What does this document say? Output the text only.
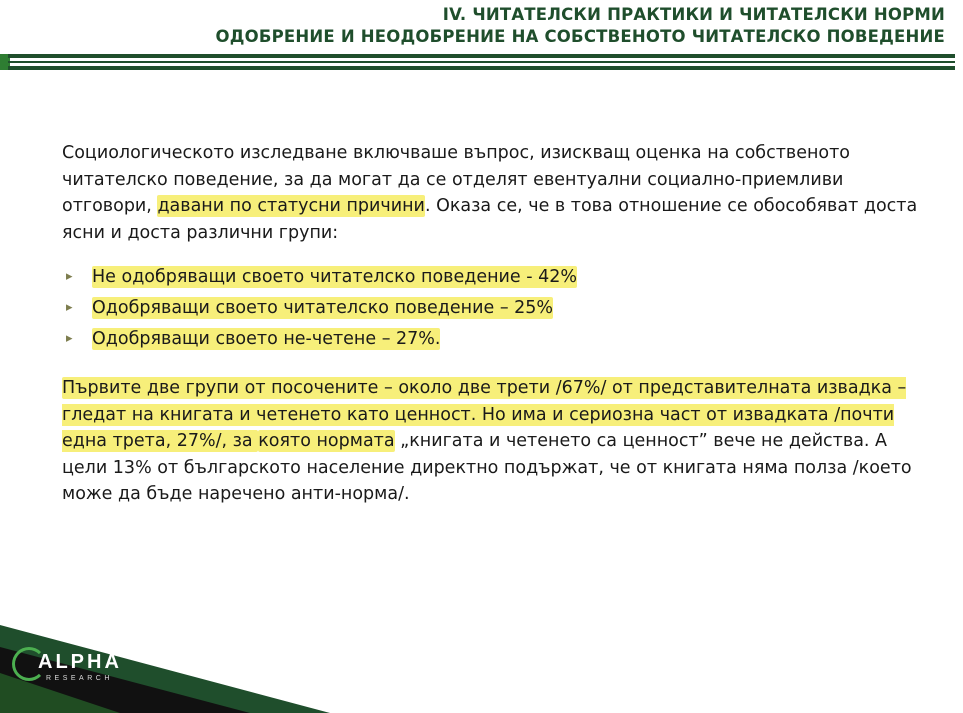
IV. ЧИТАТЕЛСКИ ПРАКТИКИ И ЧИТАТЕЛСКИ НОРМИ
ОДОБРЕНИЕ И НЕОДОБРЕНИЕ НА СОБСТВЕНОТО ЧИТАТЕЛСКО ПОВЕДЕНИЕ

Социологическото изследване включваше въпрос, изискващ оценка на собственото читателско поведение, за да могат да се отделят евентуални социално-приемливи отговори, давани по статусни причини. Оказа се, че в това отношение се обособяват доста ясни и доста различни групи:

▸ Не одобряващи своето читателско поведение - 42%
▸ Одобряващи своето читателско поведение – 25%
▸ Одобряващи своето не-четене – 27%.

Първите две групи от посочените – около две трети /67%/ от представителната извадка – гледат на книгата и четенето като ценност. Но има и сериозна част от извадката /почти една трета, 27%/, за която нормата „книгата и четенето са ценност” вече не действа. А цели 13% от българското население директно подържат, че от книгата няма полза /което може да бъде наречено анти-норма/.

ALPHA
RESEARCH
